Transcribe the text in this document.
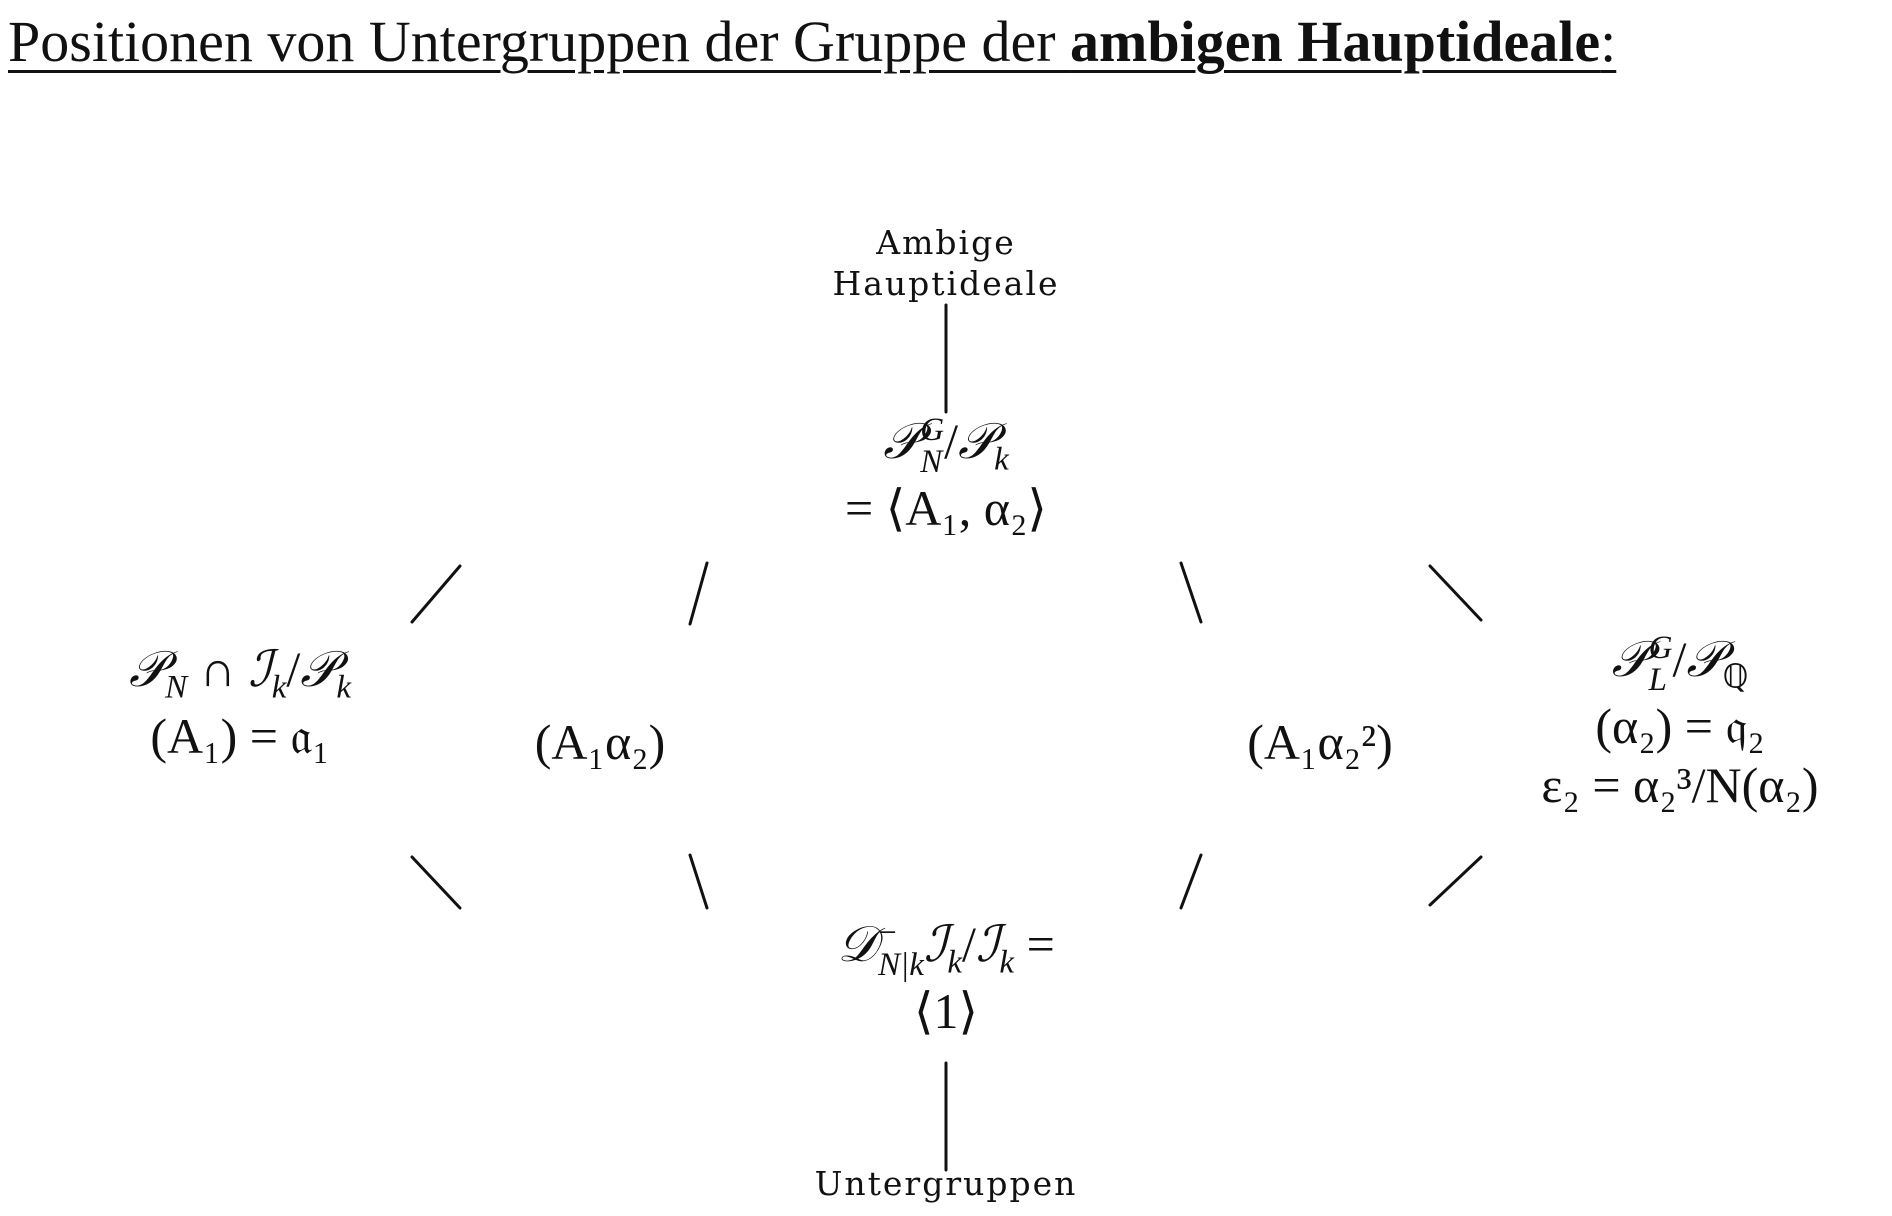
Positionen von Untergruppen der Gruppe der ambigen Hauptideale:
Ambige
Hauptideale
𝒫 G
N /𝒫$_k$
= ⟨A₁, α₂⟩
𝒫$_N$ ∩ ℐ$_k$/𝒫$_k$
(A₁) = 𝔞₁	(A₁α₂)	(A₁α₂²)
𝒫 G
L /𝒫$_ℚ$
(α₂) = 𝔮₂
ε₂ = α₂³/N(α₂)
𝒟 −
N|k ℐ$_k$/ℐ$_k$ =
⟨1⟩
Untergruppen
